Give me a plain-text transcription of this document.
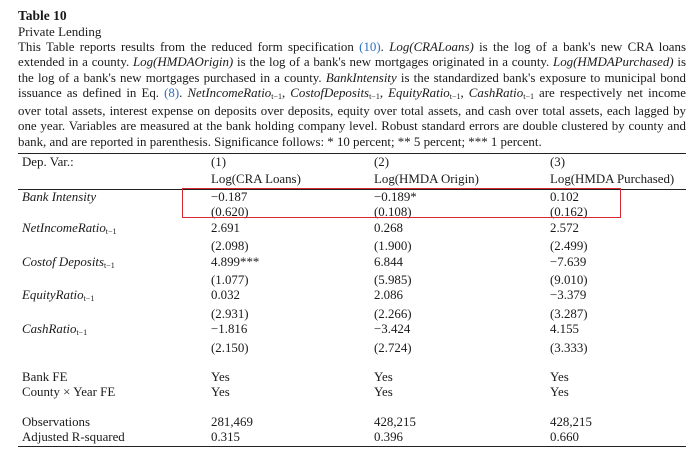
Table 10
Private Lending
This Table reports results from the reduced form specification (10). Log(CRALoans) is the log of a bank's new CRA loans extended in a county. Log(HMDAOrigin) is the log of a bank's new mortgages originated in a county. Log(HMDAPurchased) is the log of a bank's new mortgages purchased in a county. BankIntensity is the standardized bank's exposure to municipal bond issuance as defined in Eq. (8). NetIncomeRatio$_{t-1}$, CostofDeposits$_{t-1}$, EquityRatio$_{t-1}$, CashRatio$_{t-1}$ are respectively net income over total assets, interest expense on deposits over deposits, equity over total assets, and cash over total assets, each lagged by one year. Variables are measured at the bank holding company level. Robust standard errors are double clustered by county and bank, and are reported in parenthesis. Significance follows: * 10 percent; ** 5 percent; *** 1 percent.
Dep. Var.:	(1)	(2)	(3)
	Log(CRA Loans)	Log(HMDA Origin)	Log(HMDA Purchased)
Bank Intensity	−0.187	−0.189*	0.102
	(0.620)	(0.108)	(0.162)
NetIncomeRatio$_{t-1}$	2.691	0.268	2.572
	(2.098)	(1.900)	(2.499)
Costof Deposits$_{t-1}$	4.899***	6.844	−7.639
	(1.077)	(5.985)	(9.010)
EquityRatio$_{t-1}$	0.032	2.086	−3.379
	(2.931)	(2.266)	(3.287)
CashRatio$_{t-1}$	−1.816	−3.424	4.155
	(2.150)	(2.724)	(3.333)

Bank FE	Yes	Yes	Yes
County × Year FE	Yes	Yes	Yes

Observations	281,469	428,215	428,215
Adjusted R-squared	0.315	0.396	0.660
